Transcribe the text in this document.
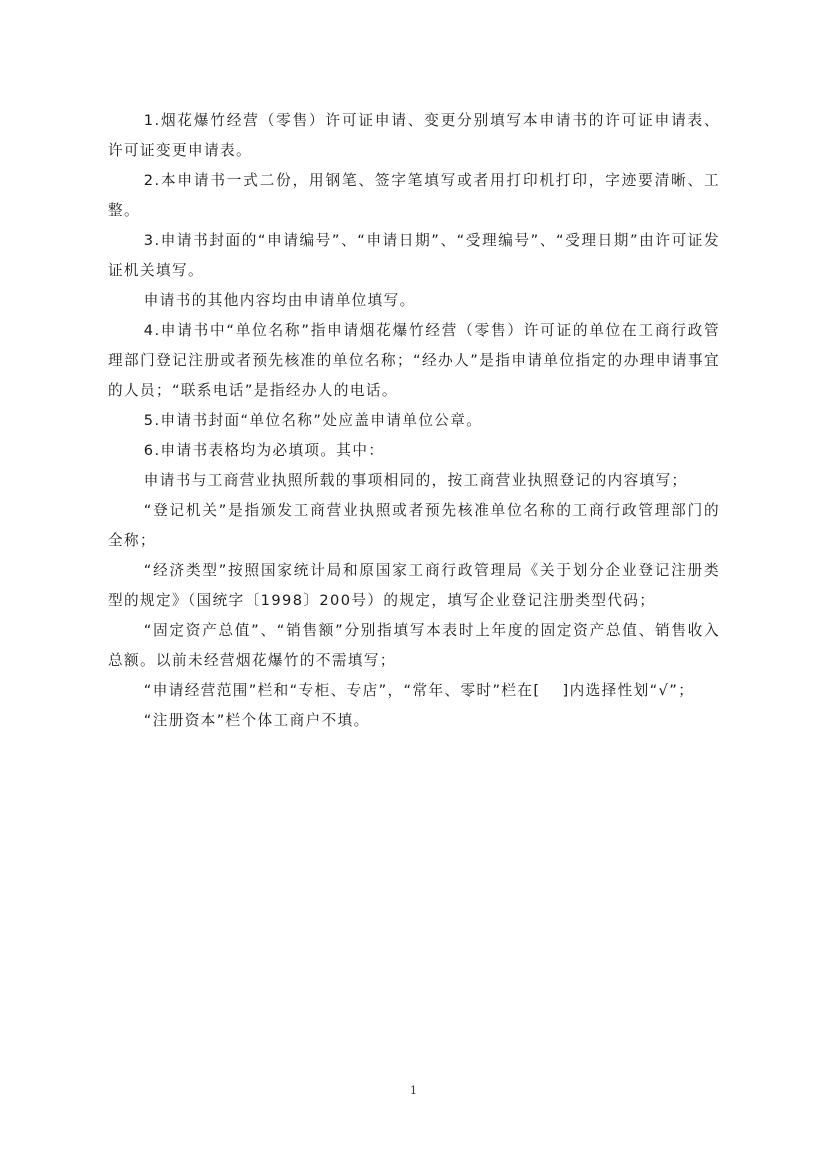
1.烟花爆竹经营（零售）许可证申请、变更分别填写本申请书的许可证申请表、许可证变更申请表。

2.本申请书一式二份，用钢笔、签字笔填写或者用打印机打印，字迹要清晰、工整。

3.申请书封面的“申请编号”、“申请日期”、“受理编号”、“受理日期”由许可证发证机关填写。

申请书的其他内容均由申请单位填写。

4.申请书中“单位名称”指申请烟花爆竹经营（零售）许可证的单位在工商行政管理部门登记注册或者预先核准的单位名称；“经办人”是指申请单位指定的办理申请事宜的人员；“联系电话”是指经办人的电话。

5.申请书封面“单位名称”处应盖申请单位公章。

6.申请书表格均为必填项。其中：

申请书与工商营业执照所载的事项相同的，按工商营业执照登记的内容填写；

“登记机关”是指颁发工商营业执照或者预先核准单位名称的工商行政管理部门的全称；

“经济类型”按照国家统计局和原国家工商行政管理局《关于划分企业登记注册类型的规定》（国统字〔1998〕200号）的规定，填写企业登记注册类型代码；

“固定资产总值”、“销售额”分别指填写本表时上年度的固定资产总值、销售收入总额。以前未经营烟花爆竹的不需填写；

“申请经营范围”栏和“专柜、专店”，“常年、零时”栏在[　 ]内选择性划“√”；

“注册资本”栏个体工商户不填。

1
